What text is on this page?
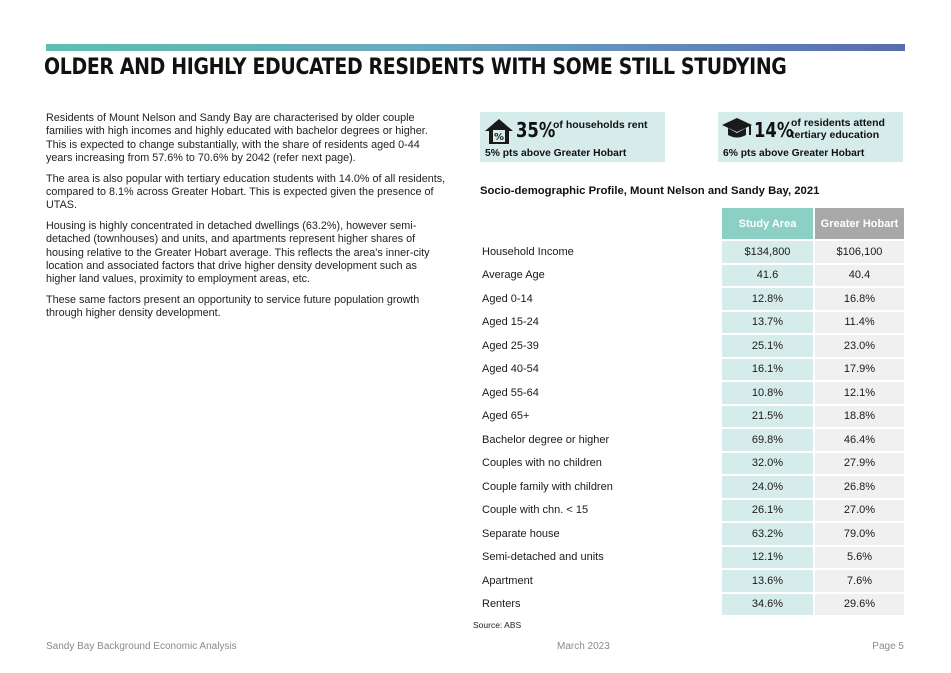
OLDER AND HIGHLY EDUCATED RESIDENTS WITH SOME STILL STUDYING

Residents of Mount Nelson and Sandy Bay are characterised by older couple families with high incomes and highly educated with bachelor degrees or higher. This is expected to change substantially, with the share of residents aged 0-44 years increasing from 57.6% to 70.6% by 2042 (refer next page).

The area is also popular with tertiary education students with 14.0% of all residents, compared to 8.1% across Greater Hobart. This is expected given the presence of UTAS.

Housing is highly concentrated in detached dwellings (63.2%), however semi-detached (townhouses) and units, and apartments represent higher shares of housing relative to the Greater Hobart average. This reflects the area's inner-city location and associated factors that drive higher density development such as higher land values, proximity to employment areas, etc.

These same factors present an opportunity to service future population growth through higher density development.

% 35%
of households rent
5% pts above Greater Hobart
14%
of residents attend tertiary education
6% pts above Greater Hobart
Socio-demographic Profile, Mount Nelson and Sandy Bay, 2021
	Study Area	Greater Hobart
Household Income	$134,800	$106,100
Average Age	41.6	40.4
Aged 0-14	12.8%	16.8%
Aged 15-24	13.7%	11.4%
Aged 25-39	25.1%	23.0%
Aged 40-54	16.1%	17.9%
Aged 55-64	10.8%	12.1%
Aged 65+	21.5%	18.8%
Bachelor degree or higher	69.8%	46.4%
Couples with no children	32.0%	27.9%
Couple family with children	24.0%	26.8%
Couple with chn. < 15	26.1%	27.0%
Separate house	63.2%	79.0%
Semi-detached and units	12.1%	5.6%
Apartment	13.6%	7.6%
Renters	34.6%	29.6%
Source: ABS
Sandy Bay Background Economic Analysis	March 2023	Page 5
